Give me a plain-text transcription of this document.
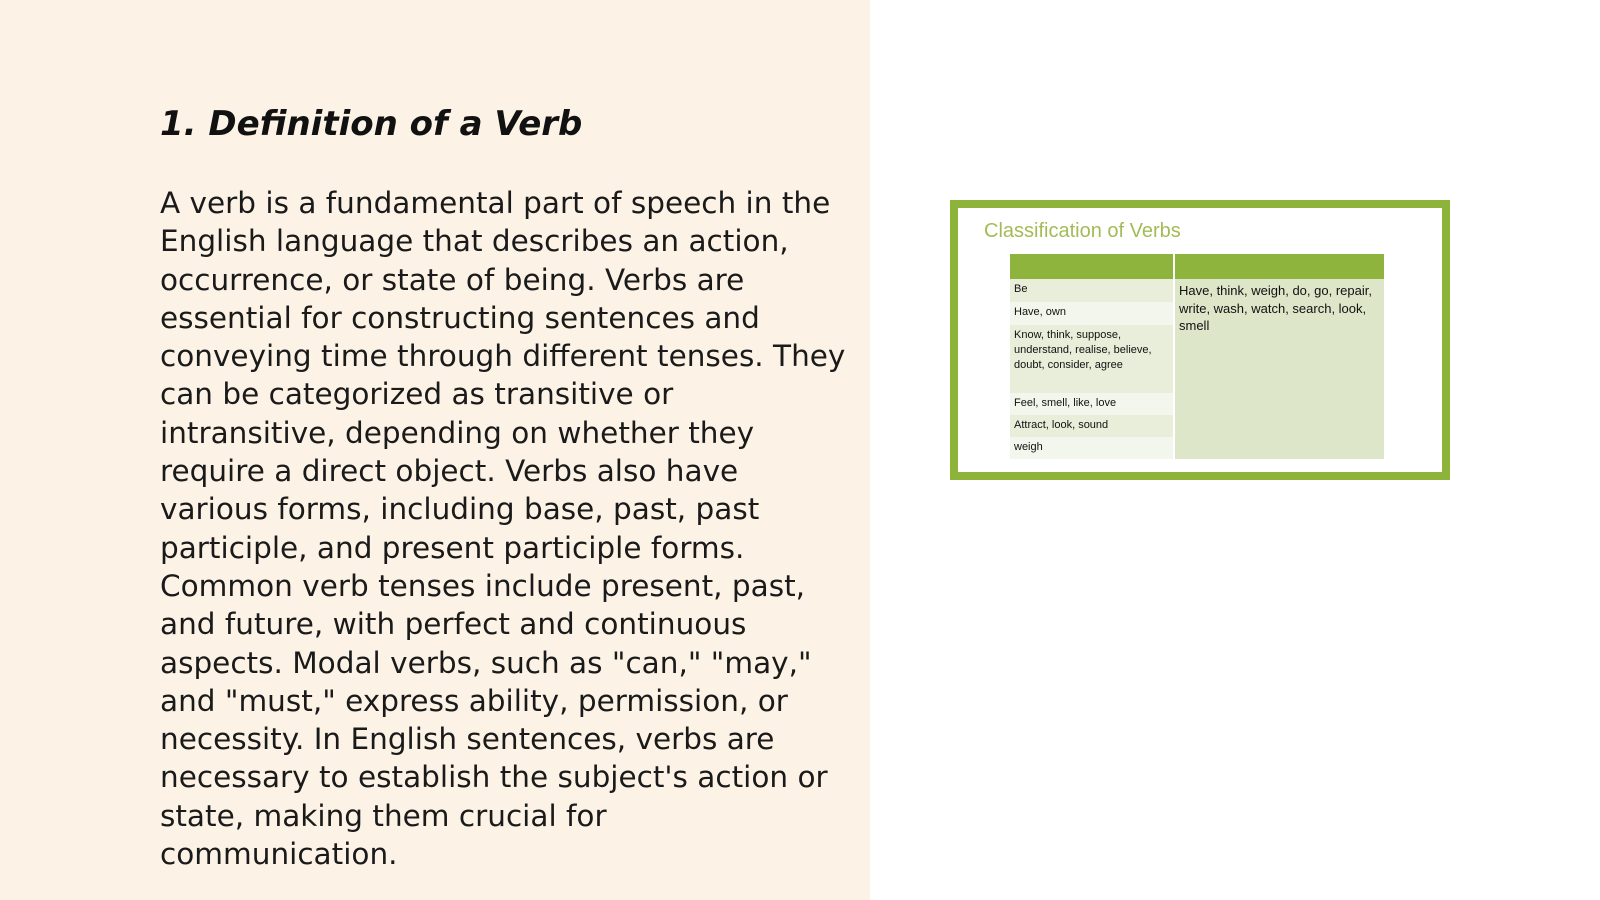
1. Definition of a Verb

A verb is a fundamental part of speech in the English language that describes an action, occurrence, or state of being. Verbs are essential for constructing sentences and conveying time through different tenses. They can be categorized as transitive or intransitive, depending on whether they require a direct object. Verbs also have various forms, including base, past, past participle, and present participle forms. Common verb tenses include present, past, and future, with perfect and continuous aspects. Modal verbs, such as "can," "may," and "must," express ability, permission, or necessity. In English sentences, verbs are necessary to establish the subject's action or state, making them crucial for communication.

Classification of Verbs
Be
Have, own
Know, think, suppose, understand, realise, believe, doubt, consider, agree
Feel, smell, like, love
Attract, look, sound
weigh
Have, think, weigh, do, go, repair, write, wash, watch, search, look, smell
